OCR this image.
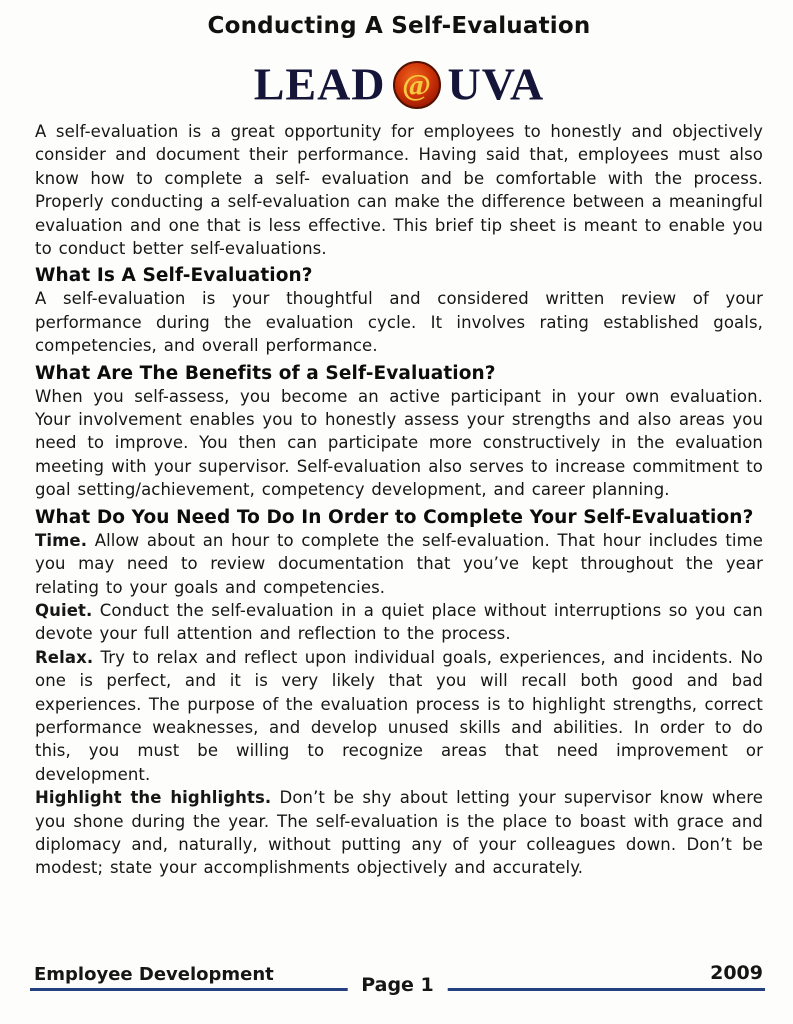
Conducting A Self-Evaluation
LEAD @ UVA

A self-evaluation is a great opportunity for employees to honestly and objectively consider and document their performance. Having said that, employees must also know how to complete a self- evaluation and be comfortable with the process. Properly conducting a self-evaluation can make the difference between a meaningful evaluation and one that is less effective. This brief tip sheet is meant to enable you to conduct better self-evaluations.

What Is A Self-Evaluation?

A self-evaluation is your thoughtful and considered written review of your performance during the evaluation cycle. It involves rating established goals, competencies, and overall performance.

What Are The Benefits of a Self-Evaluation?

When you self-assess, you become an active participant in your own evaluation. Your involvement enables you to honestly assess your strengths and also areas you need to improve. You then can participate more constructively in the evaluation meeting with your supervisor. Self-evaluation also serves to increase commitment to goal setting/achievement, competency development, and career planning.

What Do You Need To Do In Order to Complete Your Self-Evaluation?

Time. Allow about an hour to complete the self-evaluation. That hour includes time you may need to review documentation that you’ve kept throughout the year relating to your goals and competencies.

Quiet. Conduct the self-evaluation in a quiet place without interruptions so you can devote your full attention and reflection to the process.

Relax. Try to relax and reflect upon individual goals, experiences, and incidents. No one is perfect, and it is very likely that you will recall both good and bad experiences. The purpose of the evaluation process is to highlight strengths, correct performance weaknesses, and develop unused skills and abilities. In order to do this, you must be willing to recognize areas that need improvement or development.

Highlight the highlights. Don’t be shy about letting your supervisor know where you shone during the year. The self-evaluation is the place to boast with grace and diplomacy and, naturally, without putting any of your colleagues down. Don’t be modest; state your accomplishments objectively and accurately.

Employee Development	2009
Page 1
